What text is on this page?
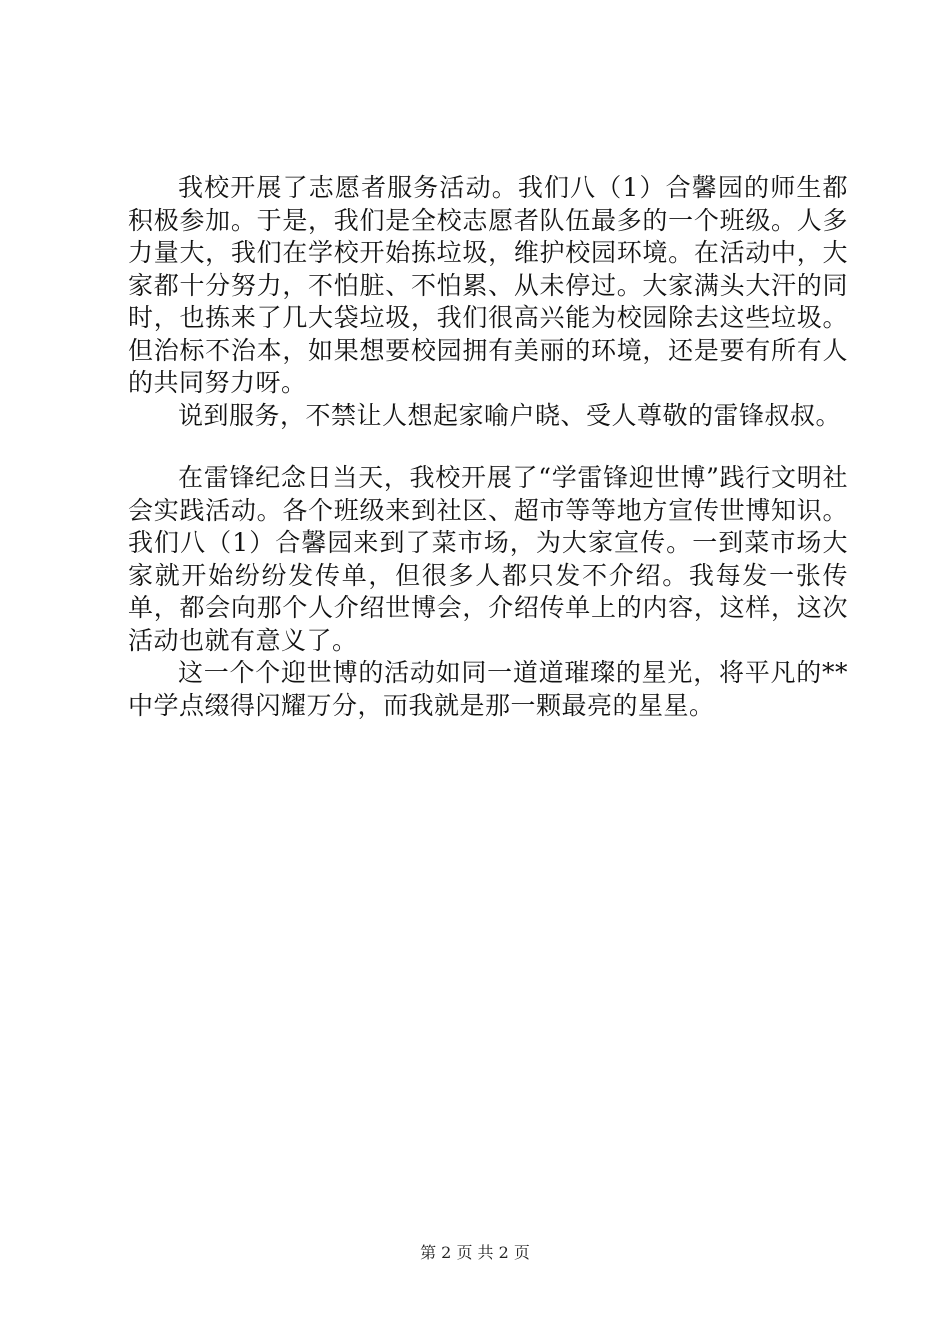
我校开展了志愿者服务活动。我们八（1）合馨园的师生都积极参加。于是，我们是全校志愿者队伍最多的一个班级。人多力量大，我们在学校开始拣垃圾，维护校园环境。在活动中，大家都十分努力，不怕脏、不怕累、从未停过。大家满头大汗的同时，也拣来了几大袋垃圾，我们很高兴能为校园除去这些垃圾。但治标不治本，如果想要校园拥有美丽的环境，还是要有所有人的共同努力呀。

说到服务，不禁让人想起家喻户晓、受人尊敬的雷锋叔叔。

在雷锋纪念日当天，我校开展了“学雷锋迎世博”践行文明社会实践活动。各个班级来到社区、超市等等地方宣传世博知识。我们八（1）合馨园来到了菜市场，为大家宣传。一到菜市场大家就开始纷纷发传单，但很多人都只发不介绍。我每发一张传单，都会向那个人介绍世博会，介绍传单上的内容，这样，这次活动也就有意义了。

这一个个迎世博的活动如同一道道璀璨的星光，将平凡的**中学点缀得闪耀万分，而我就是那一颗最亮的星星。

第 2 页 共 2 页
